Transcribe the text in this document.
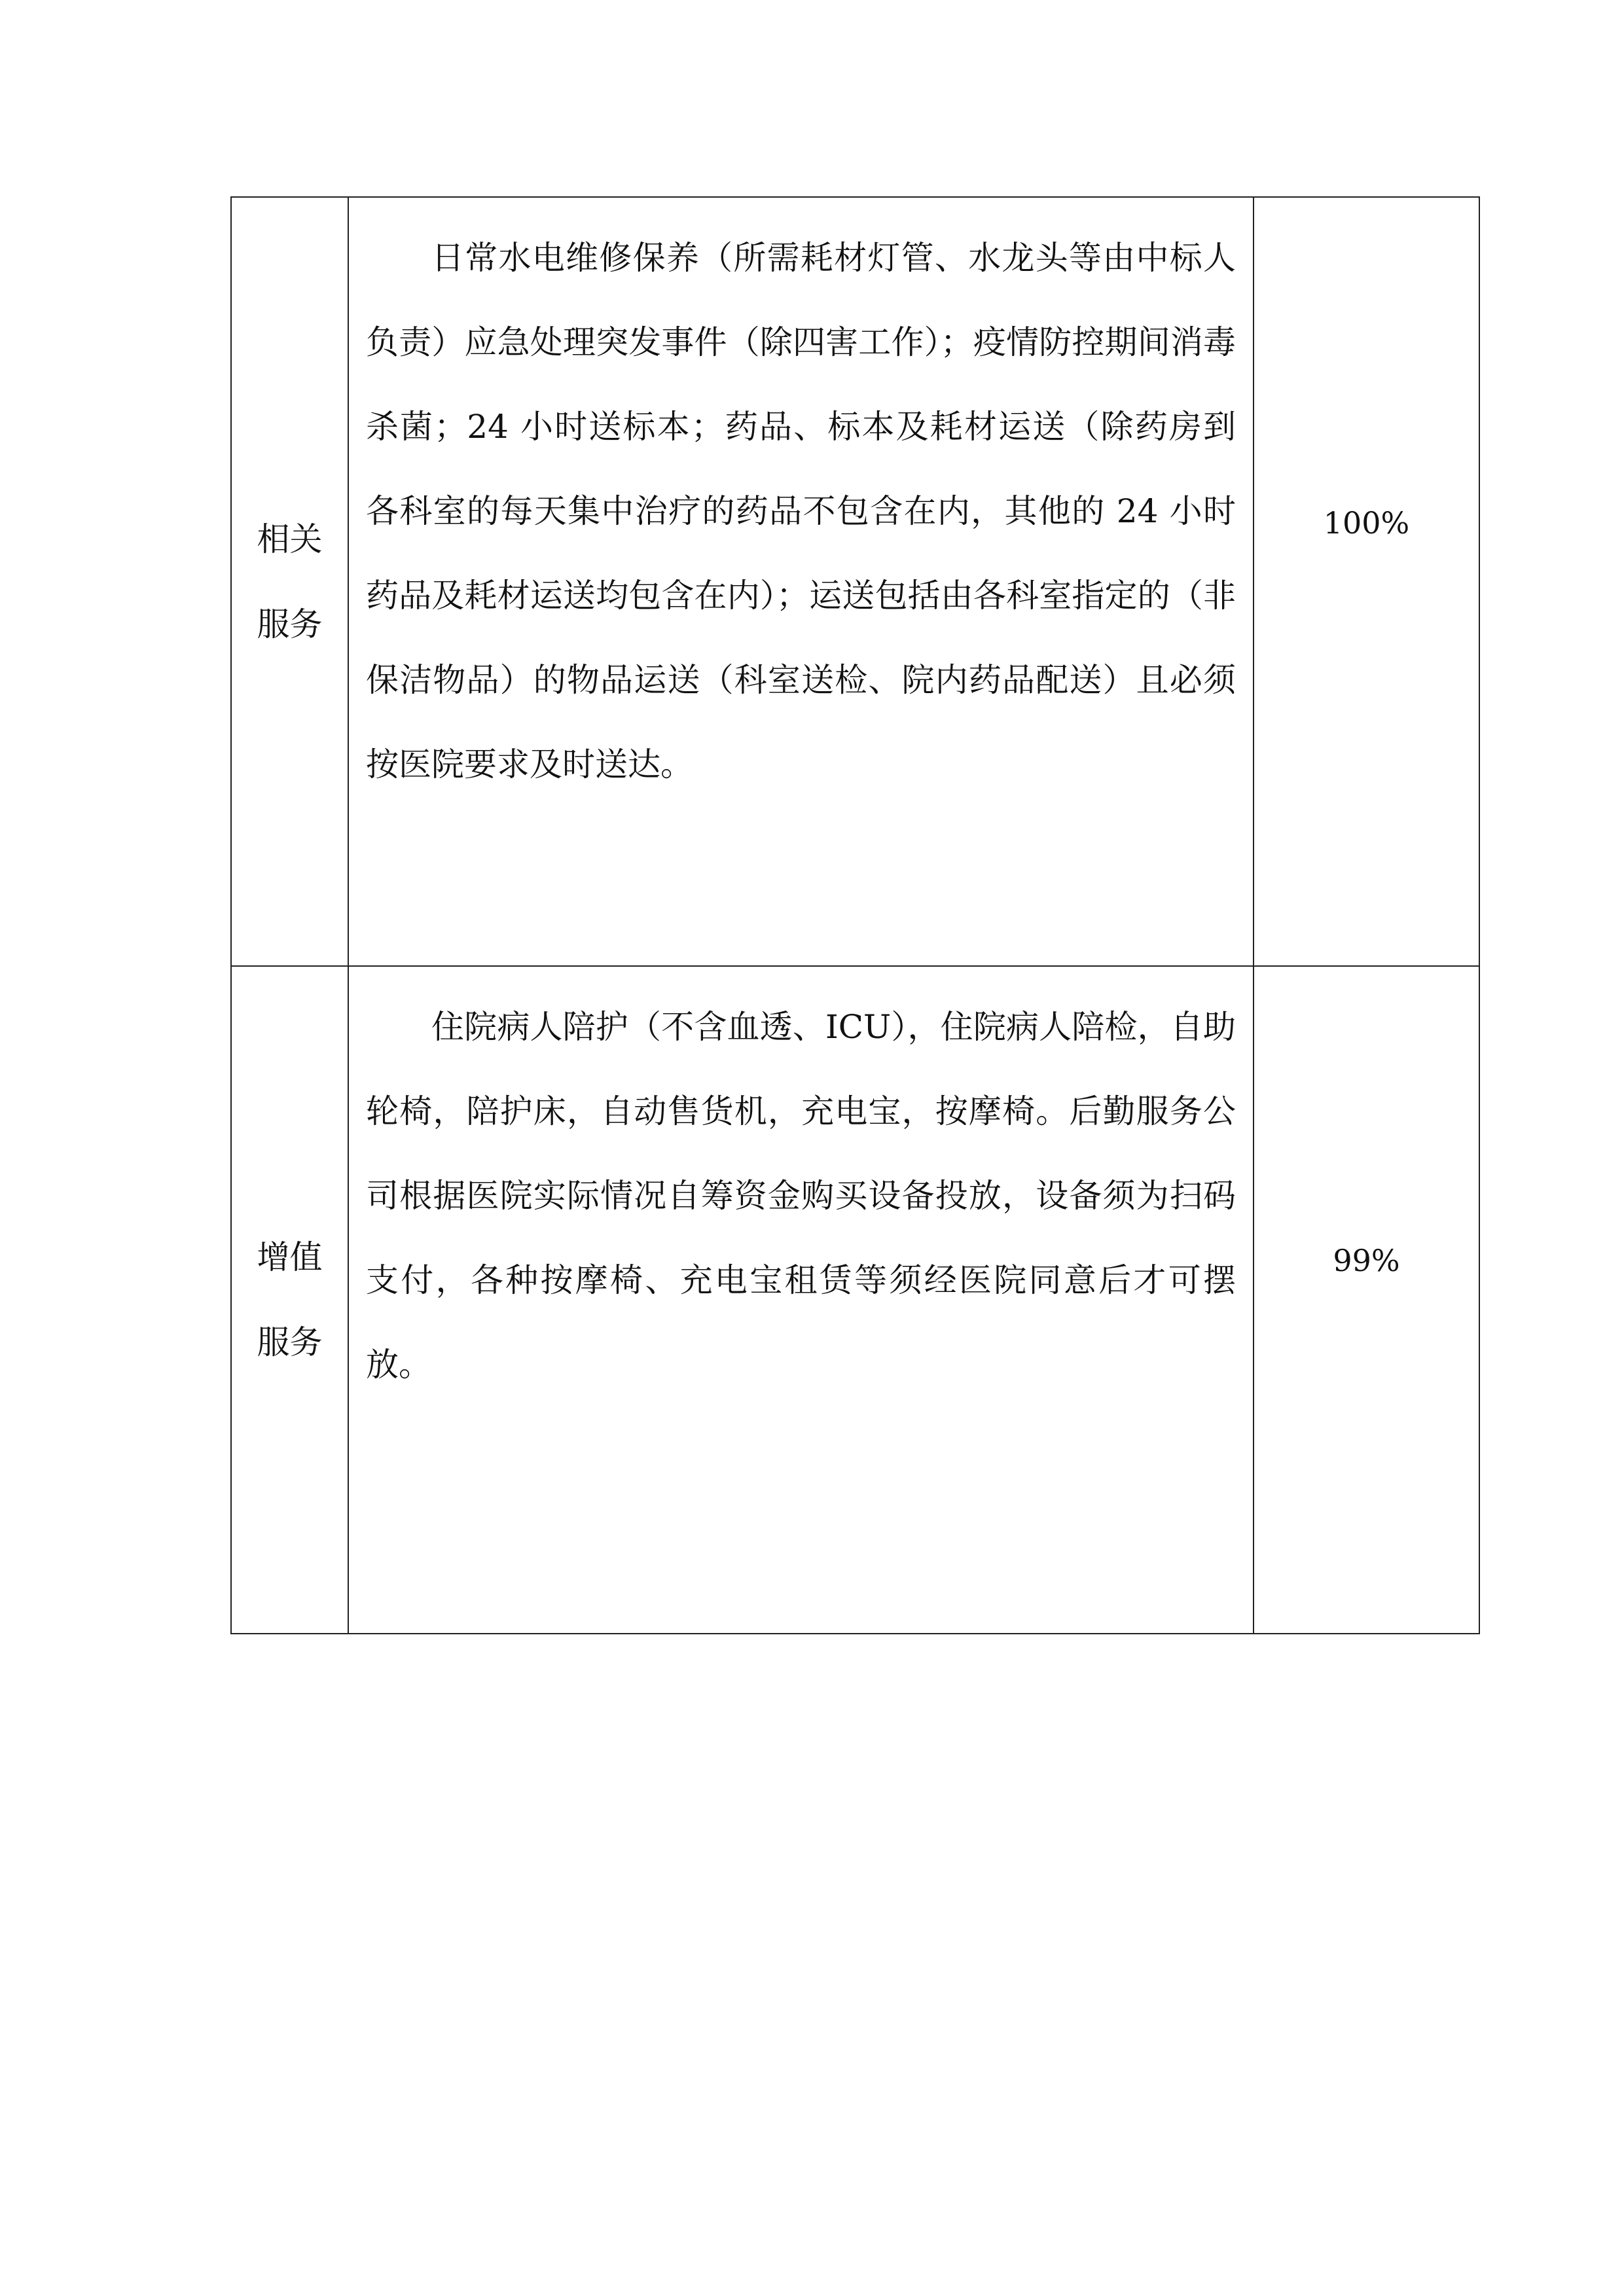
相关
服务	日常水电维修保养（所需耗材灯管、水龙头等由中标人负责）应急处理突发事件（除四害工作）；疫情防控期间消毒杀菌；24 小时送标本；药品、标本及耗材运送（除药房到各科室的每天集中治疗的药品不包含在内，其他的 24 小时药品及耗材运送均包含在内）；运送包括由各科室指定的（非保洁物品）的物品运送（科室送检、院内药品配送）且必须按医院要求及时送达。	100%

增值
服务	住院病人陪护（不含血透、ICU），住院病人陪检，自助轮椅，陪护床，自动售货机，充电宝，按摩椅。后勤服务公司根据医院实际情况自筹资金购买设备投放，设备须为扫码支付，各种按摩椅、充电宝租赁等须经医院同意后才可摆放。	99%
